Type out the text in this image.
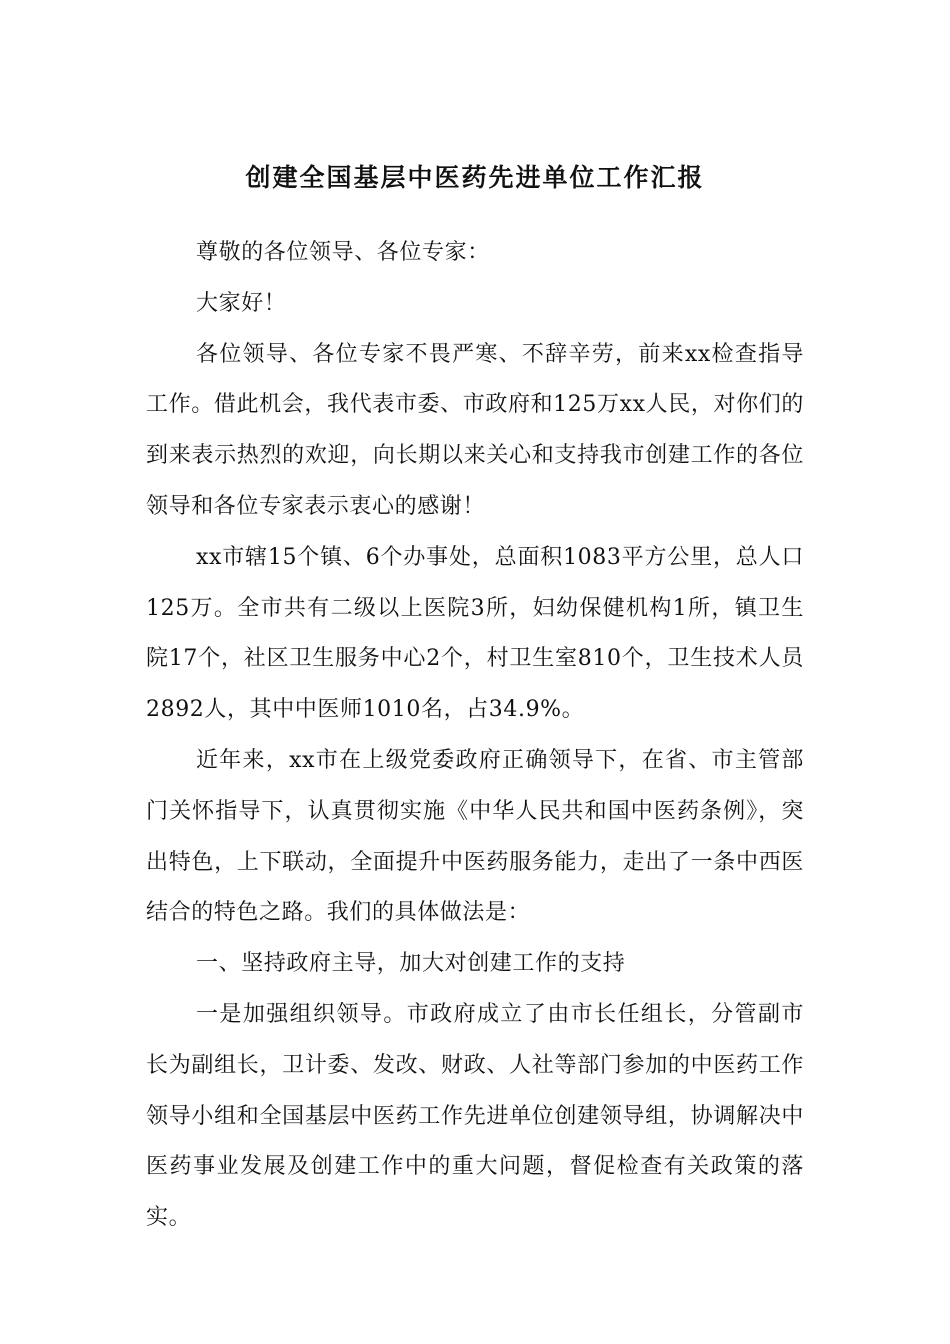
创建全国基层中医药先进单位工作汇报

尊敬的各位领导、各位专家：

大家好！

各位领导、各位专家不畏严寒、不辞辛劳，前来xx检查指导工作。借此机会，我代表市委、市政府和125万xx人民，对你们的到来表示热烈的欢迎，向长期以来关心和支持我市创建工作的各位领导和各位专家表示衷心的感谢！

xx市辖15个镇、6个办事处，总面积1083平方公里，总人口125万。全市共有二级以上医院3所，妇幼保健机构1所，镇卫生院17个，社区卫生服务中心2个，村卫生室810个，卫生技术人员2892人，其中中医师1010名，占34.9%。

近年来，xx市在上级党委政府正确领导下，在省、市主管部门关怀指导下，认真贯彻实施《中华人民共和国中医药条例》，突出特色，上下联动，全面提升中医药服务能力，走出了一条中西医结合的特色之路。我们的具体做法是：

一、坚持政府主导，加大对创建工作的支持

一是加强组织领导。市政府成立了由市长任组长，分管副市长为副组长，卫计委、发改、财政、人社等部门参加的中医药工作领导小组和全国基层中医药工作先进单位创建领导组，协调解决中医药事业发展及创建工作中的重大问题，督促检查有关政策的落实。
